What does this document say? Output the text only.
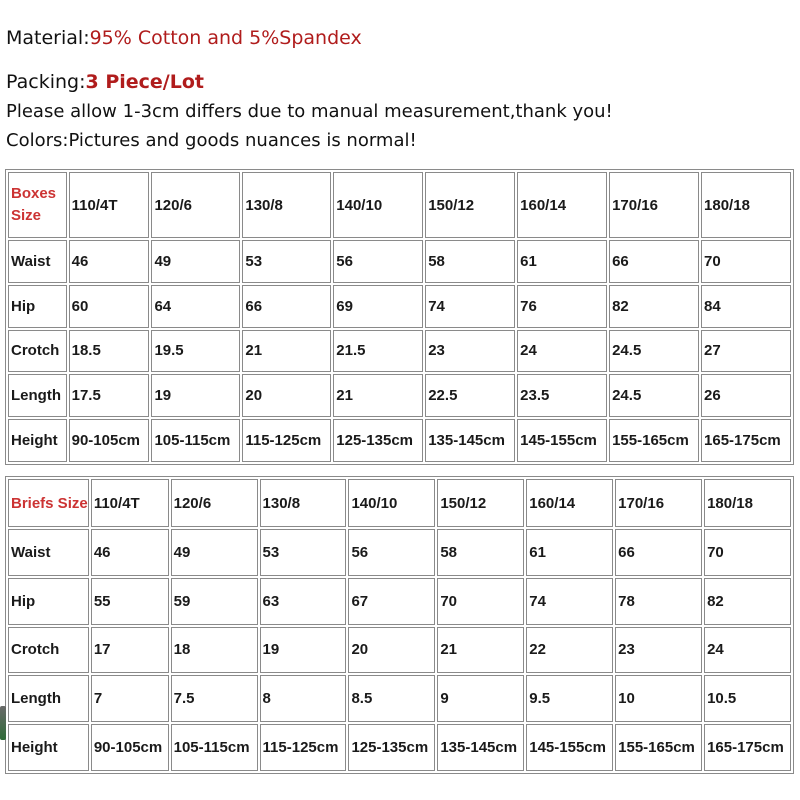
Material:95% Cotton and 5%Spandex
Packing:3 Piece/Lot
Please allow 1-3cm differs due to manual measurement,thank you!
Colors:Pictures and goods nuances is normal!
Boxes
Size	110/4T	120/6	130/8	140/10	150/12	160/14	170/16	180/18
Waist	46	49	53	56	58	61	66	70
Hip	60	64	66	69	74	76	82	84
Crotch	18.5	19.5	21	21.5	23	24	24.5	27
Length	17.5	19	20	21	22.5	23.5	24.5	26
Height	90-105cm	105-115cm	115-125cm	125-135cm	135-145cm	145-155cm	155-165cm	165-175cm
Briefs Size	110/4T	120/6	130/8	140/10	150/12	160/14	170/16	180/18
Waist	46	49	53	56	58	61	66	70
Hip	55	59	63	67	70	74	78	82
Crotch	17	18	19	20	21	22	23	24
Length	7	7.5	8	8.5	9	9.5	10	10.5
Height	90-105cm	105-115cm	115-125cm	125-135cm	135-145cm	145-155cm	155-165cm	165-175cm
